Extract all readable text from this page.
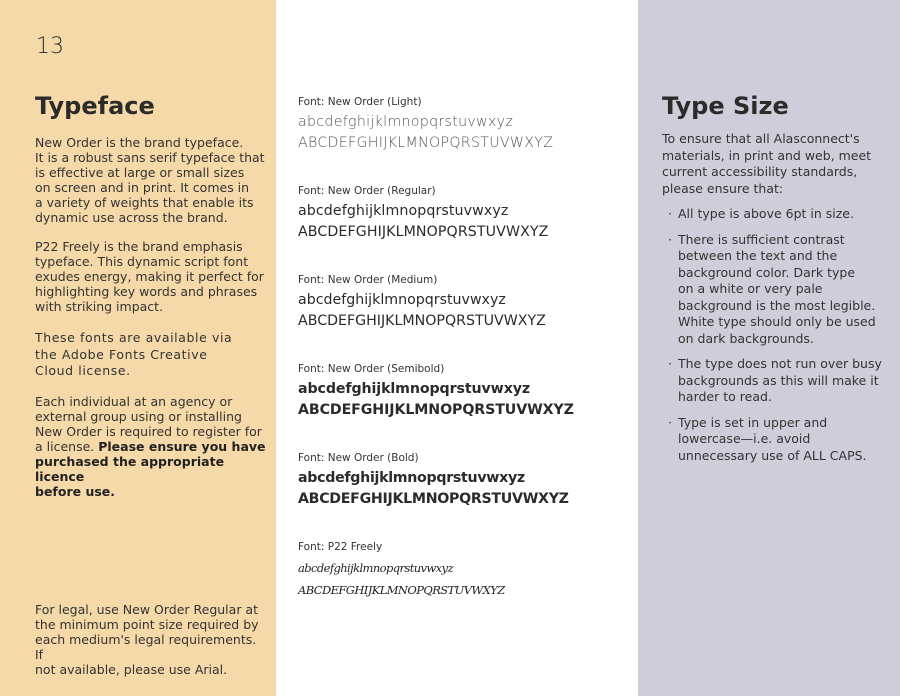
13
Typeface
New Order is the brand typeface.
It is a robust sans serif typeface that
is effective at large or small sizes
on screen and in print. It comes in
a variety of weights that enable its
dynamic use across the brand.
P22 Freely is the brand emphasis
typeface. This dynamic script font
exudes energy, making it perfect for
highlighting key words and phrases
with striking impact.
These fonts are available via
the Adobe Fonts Creative
Cloud license.
Each individual at an agency or
external group using or installing
New Order is required to register for
a license. Please ensure you have
purchased the appropriate licence
before use.
For legal, use New Order Regular at
the minimum point size required by
each medium's legal requirements. If
not available, please use Arial.
Font: New Order (Light)
abcdefghijklmnopqrstuvwxyz
ABCDEFGHIJKLMNOPQRSTUVWXYZ
Font: New Order (Regular)
abcdefghijklmnopqrstuvwxyz
ABCDEFGHIJKLMNOPQRSTUVWXYZ
Font: New Order (Medium)
abcdefghijklmnopqrstuvwxyz
ABCDEFGHIJKLMNOPQRSTUVWXYZ
Font: New Order (Semibold)
abcdefghijklmnopqrstuvwxyz
ABCDEFGHIJKLMNOPQRSTUVWXYZ
Font: New Order (Bold)
abcdefghijklmnopqrstuvwxyz
ABCDEFGHIJKLMNOPQRSTUVWXYZ
Font: P22 Freely
abcdefghijklmnopqrstuvwxyz
ABCDEFGHIJKLMNOPQRSTUVWXYZ
Type Size
To ensure that all Alasconnect's
materials, in print and web, meet
current accessibility standards,
please ensure that:
· All type is above 6pt in size.
· There is sufficient contrast
between the text and the
background color. Dark type
on a white or very pale
background is the most legible.
White type should only be used
on dark backgrounds.
· The type does not run over busy
backgrounds as this will make it
harder to read.
· Type is set in upper and
lowercase—i.e. avoid
unnecessary use of ALL CAPS.
